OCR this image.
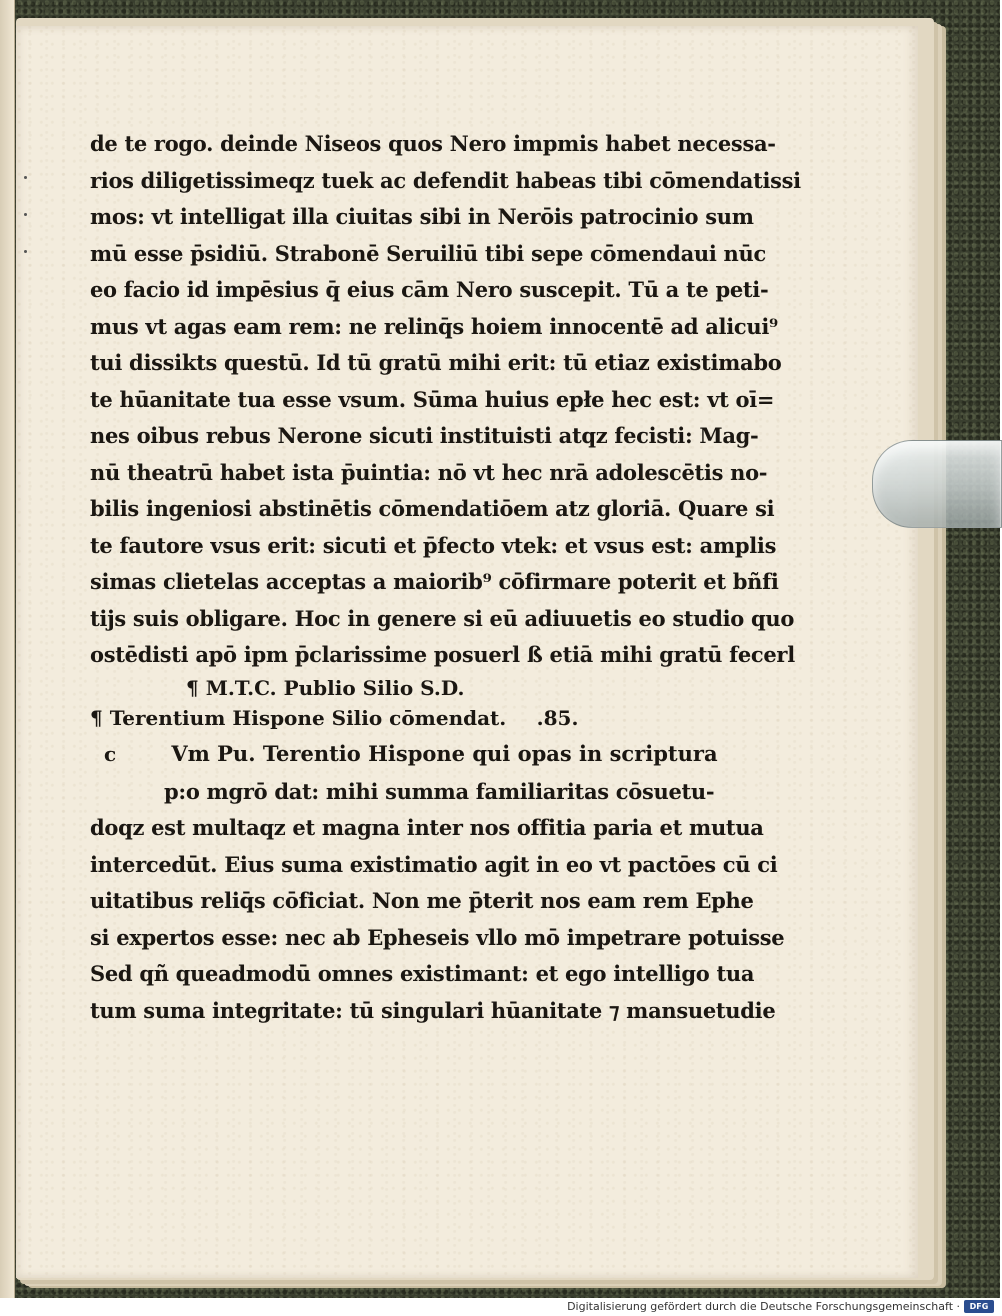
de te rogo. deinde Niseos quos Nero impmis habet necessa-
rios diligetissimeqz tuek ac defendit habeas tibi cōmendatissi
mos: vt intelligat illa ciuitas sibi in Nerōis patrocinio sum
mū esse p̄sidiū. Strabonē Seruiliū tibi sepe cōmendaui nūc
eo facio id impēsius q̄ eius cām Nero suscepit. Tū a te peti-
mus vt agas eam rem: ne relinq̄s hoiem innocentē ad alicui⁹
tui dissikts questū. Id tū gratū mihi erit: tū etiaz existimabo
te hūanitate tua esse vsum. Sūma huius epłe hec est: vt oī=
nes oibus rebus Nerone sicuti instituisti atqz fecisti: Mag-
nū theatrū habet ista p̄uintia: nō vt hec nrā adolescētis no-
bilis ingeniosi abstinētis cōmendatiōem atz gloriā. Quare si
te fautore vsus erit: sicuti et p̄fecto vtek: et vsus est: amplis
simas clietelas acceptas a maiorib⁹ cōfirmare poterit et bñfi
tijs suis obligare. Hoc in genere si eū adiuuetis eo studio quo
ostēdisti apō ipm p̄clarissime posuerl ß etiā mihi gratū fecerl
¶ M.T.C. Publio Silio S.D.
¶ Terentium Hispone Silio cōmendat. .85.
c	Vm Pu. Terentio Hispone qui opas in scriptura
p:o mgrō dat: mihi summa familiaritas cōsuetu-
doqz est multaqz et magna inter nos offitia paria et mutua
intercedūt. Eius suma existimatio agit in eo vt pactōes cū ci
uitatibus reliq̄s cōficiat. Non me p̄terit nos eam rem Ephe
si expertos esse: nec ab Epheseis vllo mō impetrare potuisse
Sed qñ queadmodū omnes existimant: et ego intelligo tua
tum suma integritate: tū singulari hūanitate ⁊ mansuetudie
Digitalisierung gefördert durch die Deutsche Forschungsgemeinschaft ·	DFG
